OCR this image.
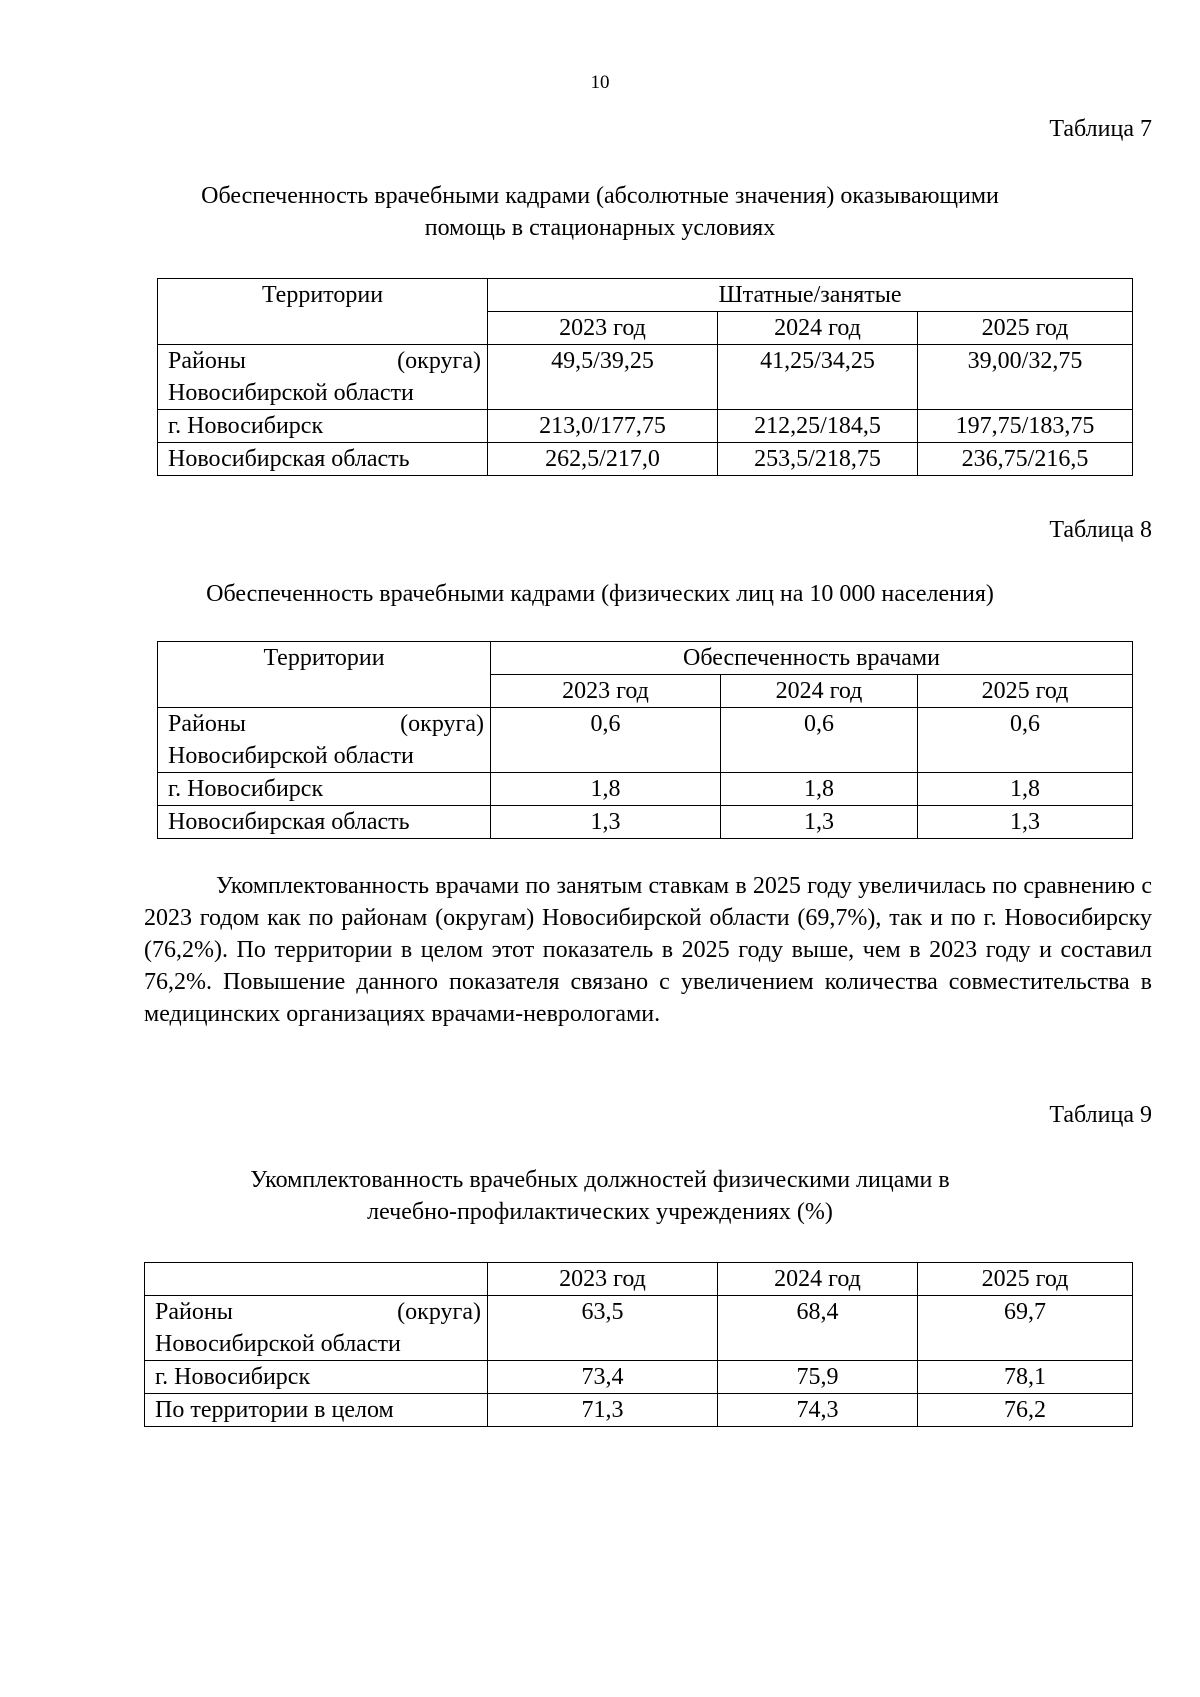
10
Таблица 7
Обеспеченность врачебными кадрами (абсолютные значения) оказывающими
помощь в стационарных условиях
Территории	Штатные/занятые		
	2023 год	2024 год	2025 год

Районы (округа)
Новосибирской области	49,5/39,25	41,25/34,25	39,00/32,75
г. Новосибирск	213,0/177,75	212,25/184,5	197,75/183,75
Новосибирская область	262,5/217,0	253,5/218,75	236,75/216,5
Таблица 8
Обеспеченность врачебными кадрами (физических лиц на 10 000 населения)
Территории	Обеспеченность врачами		
	2023 год	2024 год	2025 год

Районы (округа)
Новосибирской области	0,6	0,6	0,6
г. Новосибирск	1,8	1,8	1,8
Новосибирская область	1,3	1,3	1,3
Укомплектованность врачами по занятым ставкам в 2025 году увеличилась по сравнению с 2023 годом как по районам (округам) Новосибирской области (69,7%), так и по г. Новосибирску (76,2%). По территории в целом этот показатель в 2025 году выше, чем в 2023 году и составил 76,2%. Повышение данного показателя связано с увеличением количества совместительства в медицинских организациях врачами-неврологами.
Таблица 9
Укомплектованность врачебных должностей физическими лицами в
лечебно-профилактических учреждениях (%)
	2023 год	2024 год	2025 год

Районы (округа)
Новосибирской области	63,5	68,4	69,7
г. Новосибирск	73,4	75,9	78,1
По территории в целом	71,3	74,3	76,2
